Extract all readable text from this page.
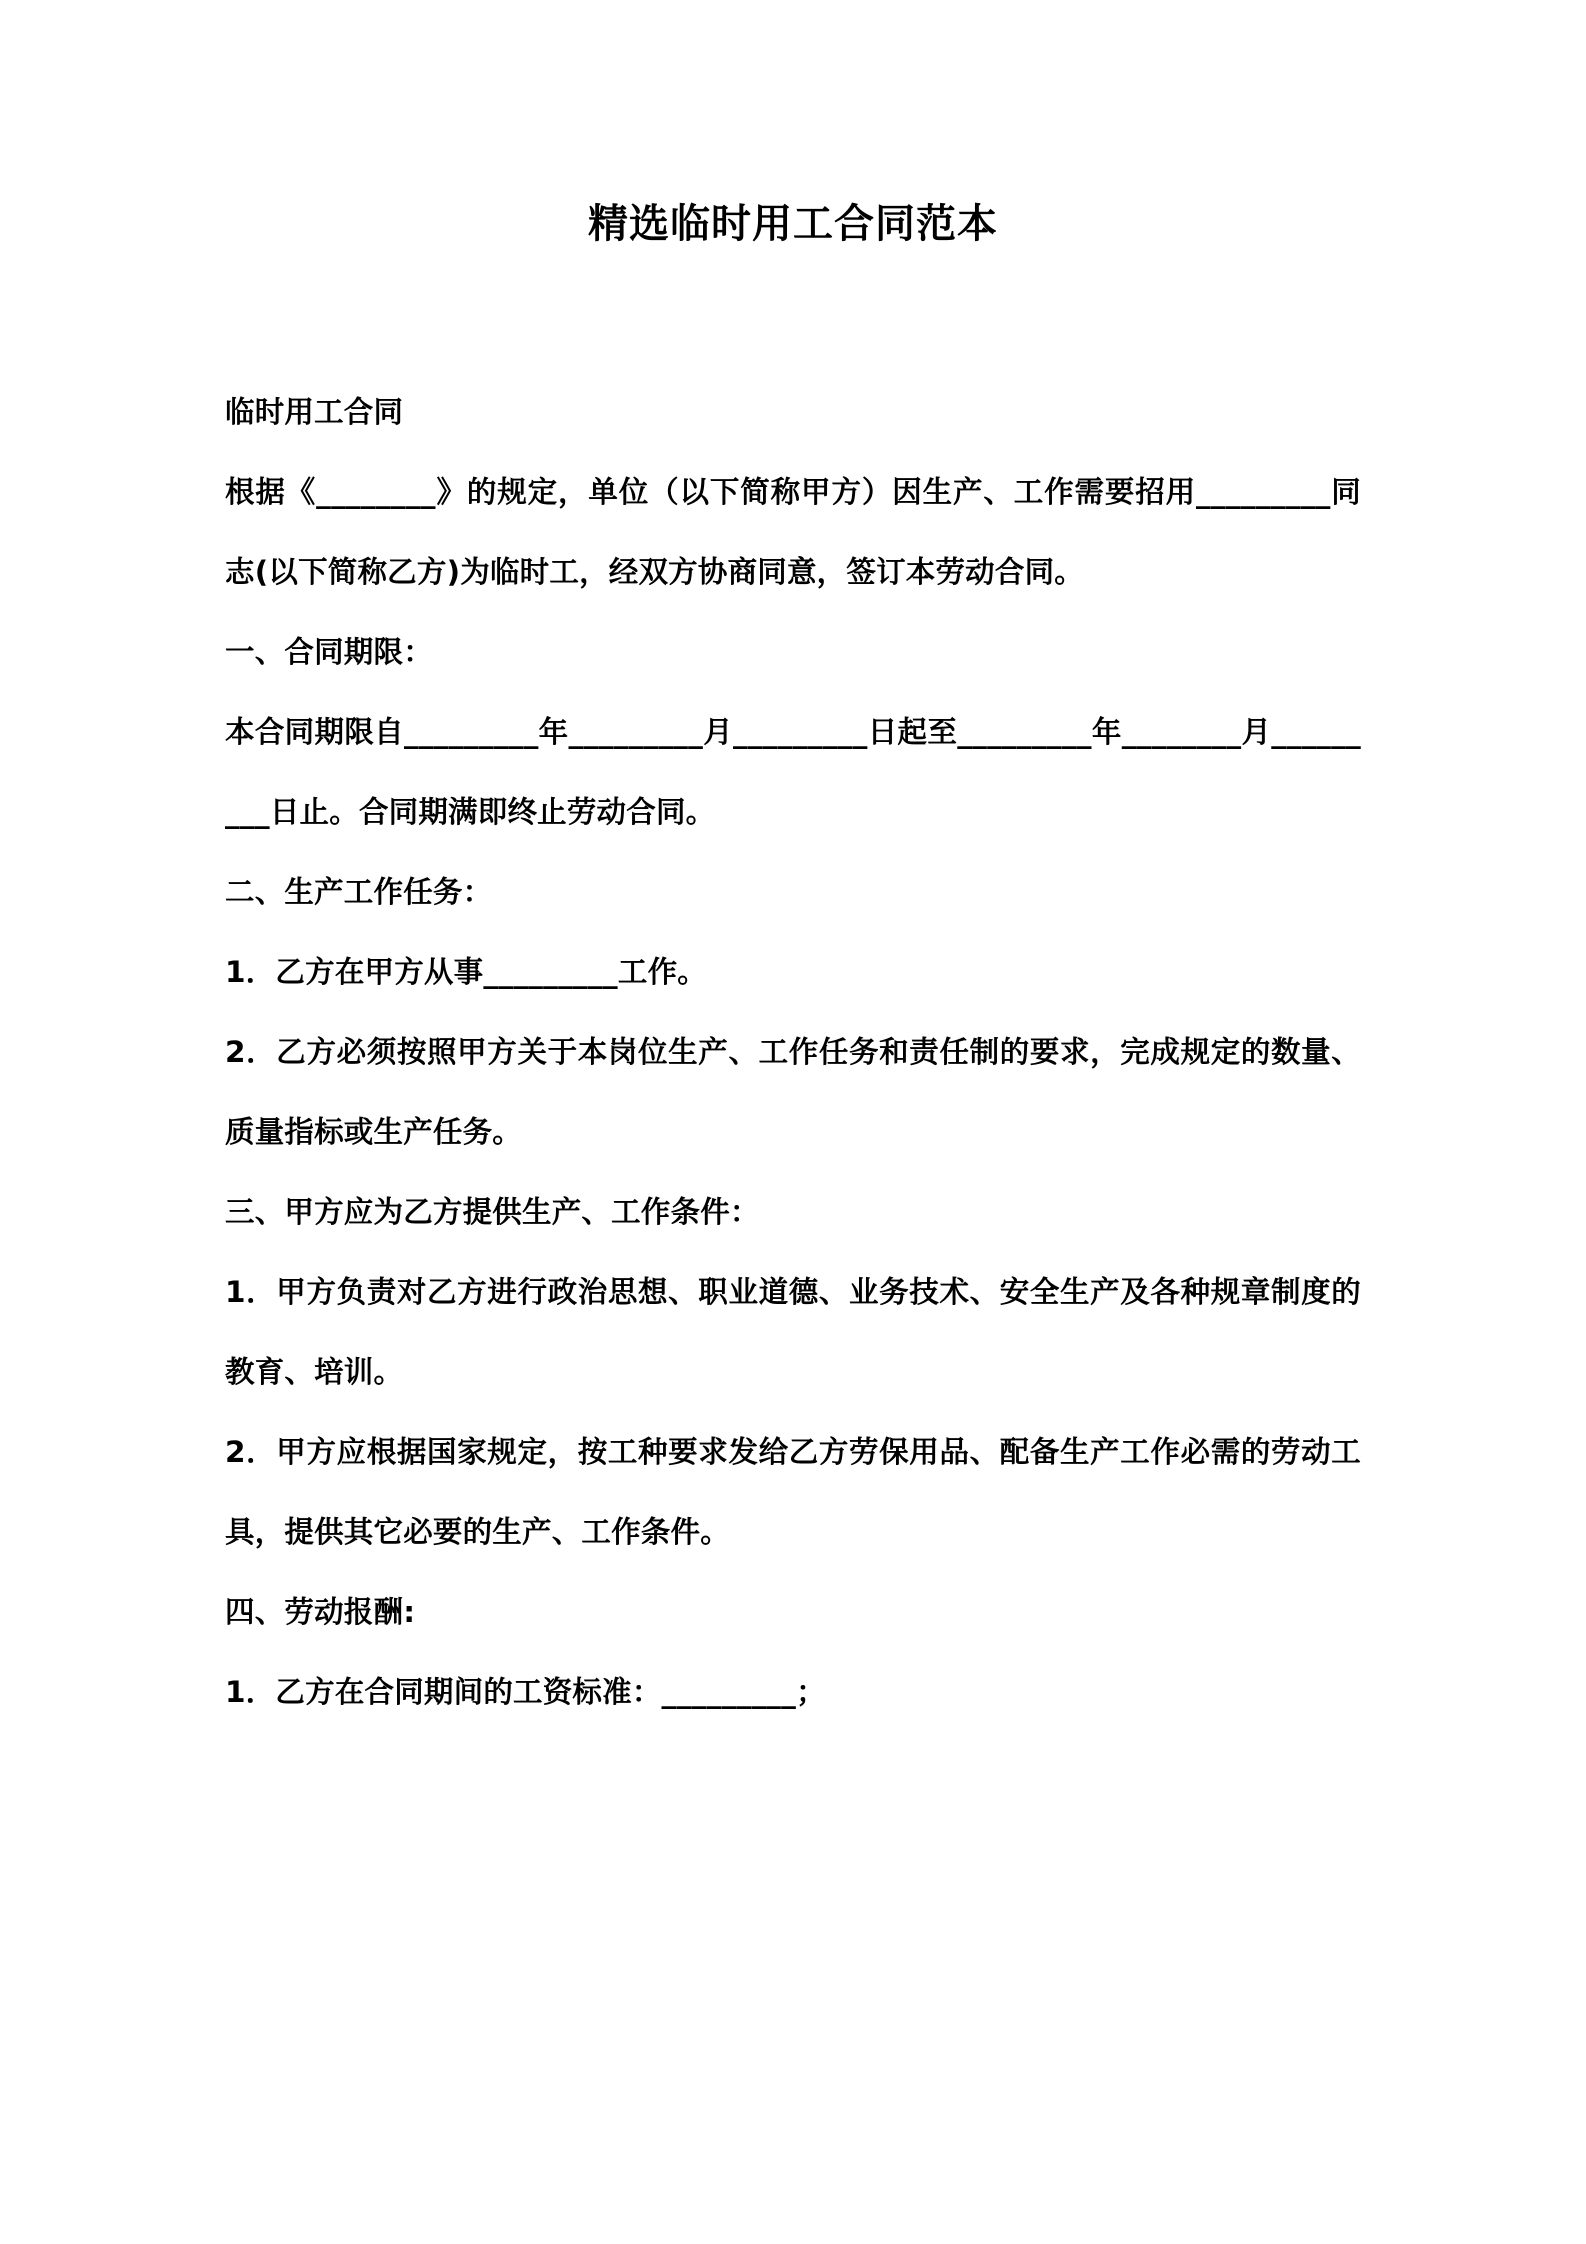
精选临时用工合同范本

临时用工合同

根据《________》的规定，单位（以下简称甲方）因生产、工作需要招用_________同志(以下简称乙方)为临时工，经双方协商同意，签订本劳动合同。

一、合同期限：

本合同期限自_________年_________月_________日起至_________年________月_________日止。合同期满即终止劳动合同。

二、生产工作任务：

1．乙方在甲方从事_________工作。

2．乙方必须按照甲方关于本岗位生产、工作任务和责任制的要求，完成规定的数量、质量指标或生产任务。

三、甲方应为乙方提供生产、工作条件：

1．甲方负责对乙方进行政治思想、职业道德、业务技术、安全生产及各种规章制度的教育、培训。

2．甲方应根据国家规定，按工种要求发给乙方劳保用品、配备生产工作必需的劳动工具，提供其它必要的生产、工作条件。

四、劳动报酬:

1．乙方在合同期间的工资标准：_________；
